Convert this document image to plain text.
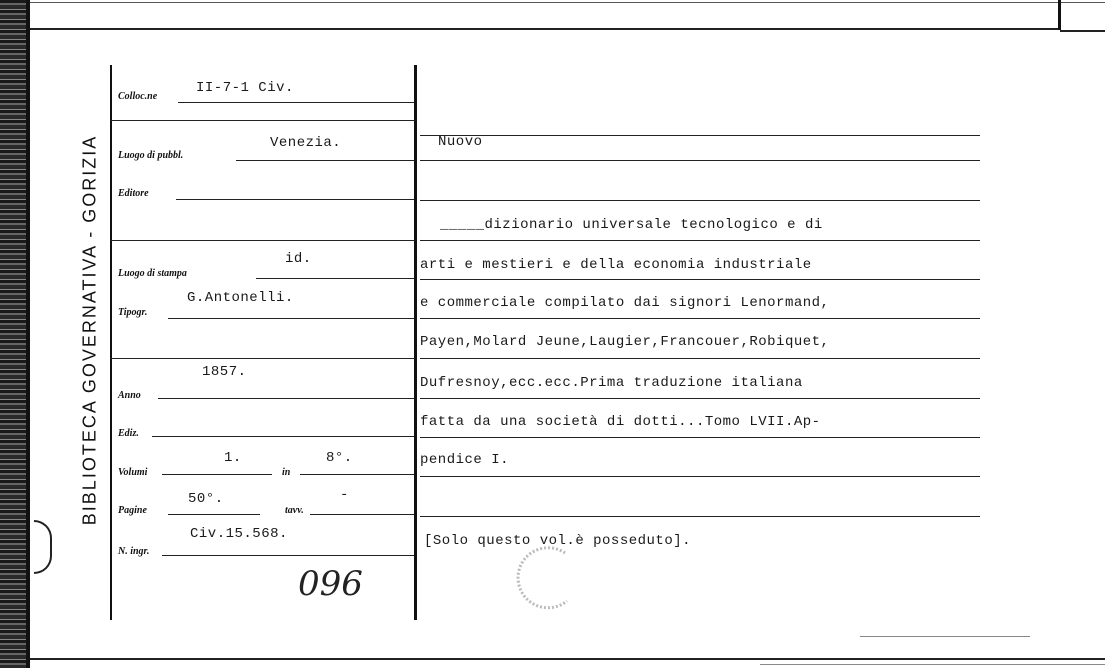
BIBLIOTECA GOVERNATIVA - GORIZIA
Colloc.ne
II-7-1 Civ.
Luogo di pubbl.
Venezia.
Editore
Luogo di stampa
id.
Tipogr.
G.Antonelli.
Anno
1857.
Ediz.
Volumi
1.
in
8°.
Pagine
50°.
tavv.
-
N. ingr.
Civ.15.568.
096
Nuovo
_____dizionario universale tecnologico e di
arti e mestieri e della economia industriale
e commerciale compilato dai signori Lenormand,
Payen,Molard Jeune,Laugier,Francouer,Robiquet,
Dufresnoy,ecc.ecc.Prima traduzione italiana
fatta da una società di dotti...Tomo LVII.Ap-
pendice I.
[Solo questo vol.è posseduto].
